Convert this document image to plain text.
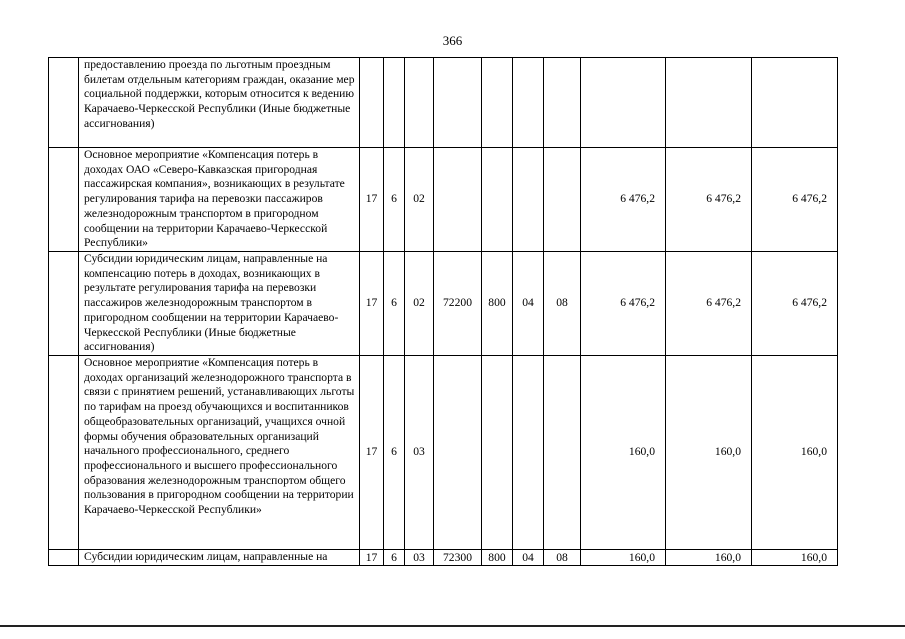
366
	предоставлению проезда по льготным проездным билетам отдельным категориям граждан, оказание мер социальной поддержки, которым относится к ведению Карачаево-Черкесской Республики (Иные бюджетные ассигнования)										
	Основное мероприятие «Компенсация потерь в доходах ОАО «Северо-Кавказская пригородная пассажирская компания», возникающих в результате регулирования тарифа на перевозки пассажиров железнодорожным транспортом в пригородном сообщении на территории Карачаево-Черкесской Республики»	17	6	02					6 476,2	6 476,2	6 476,2
	Субсидии юридическим лицам, направленные на компенсацию потерь в доходах, возникающих в результате регулирования тарифа на перевозки пассажиров железнодорожным транспортом в пригородном сообщении на территории Карачаево-Черкесской Республики (Иные бюджетные ассигнования)	17	6	02	72200	800	04	08	6 476,2	6 476,2	6 476,2
	Основное мероприятие «Компенсация потерь в доходах организаций железнодорожного транспорта в связи с принятием решений, устанавливающих льготы по тарифам на проезд обучающихся и воспитанников общеобразовательных организаций, учащихся очной формы обучения образовательных организаций начального профессионального, среднего профессионального и высшего профессионального образования железнодорожным транспортом общего пользования в пригородном сообщении на территории Карачаево-Черкесской Республики»	17	6	03					160,0	160,0	160,0
	Субсидии юридическим лицам, направленные на	17	6	03	72300	800	04	08	160,0	160,0	160,0
